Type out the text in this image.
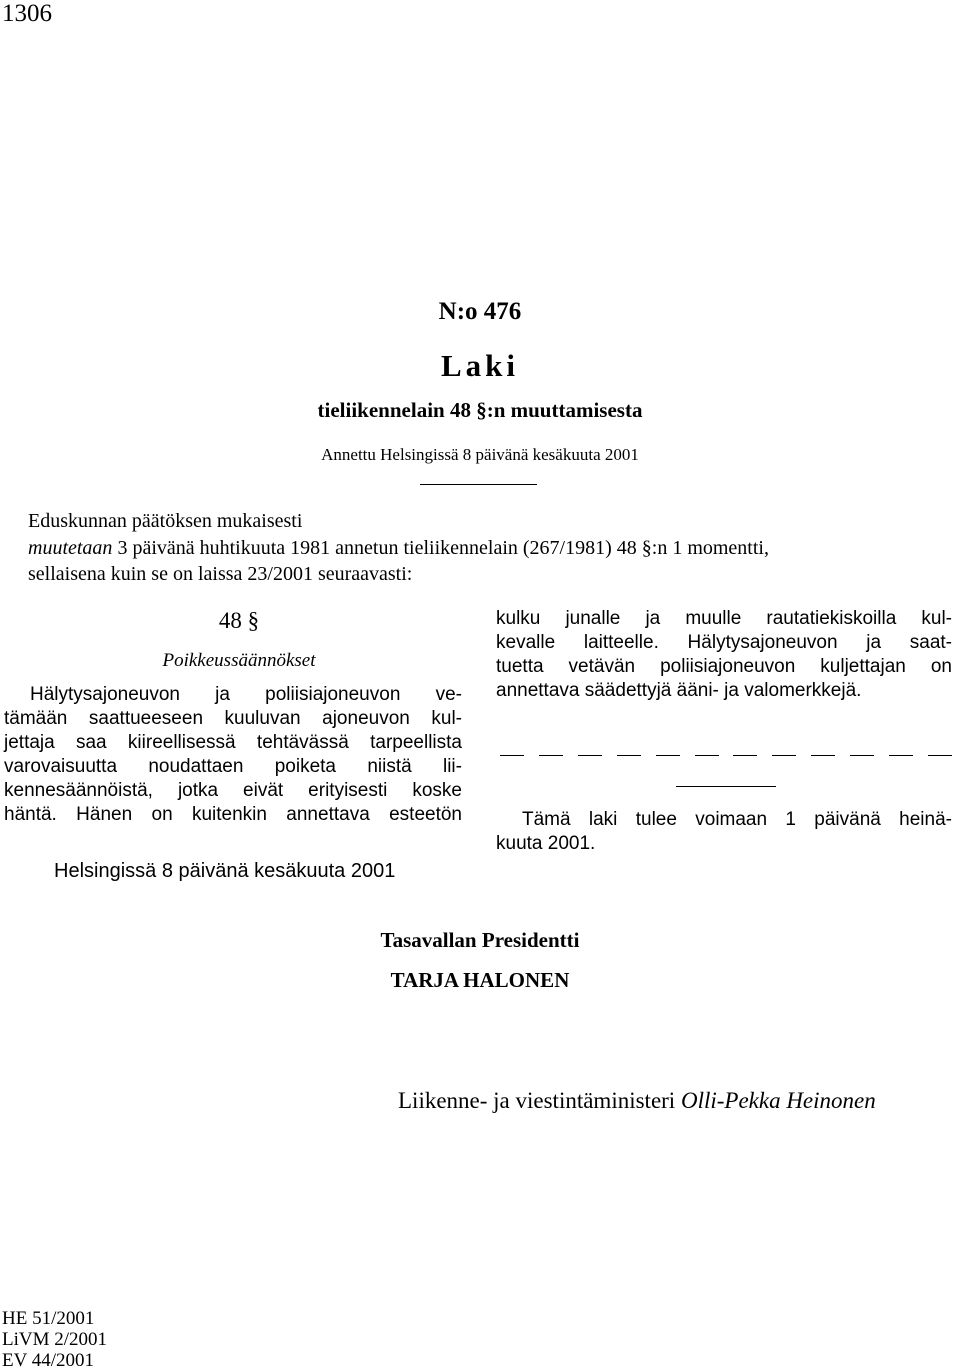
1306
N:o 476
Laki
tieliikennelain 48 §:n muuttamisesta
Annettu Helsingissä 8 päivänä kesäkuuta 2001
Eduskunnan päätöksen mukaisesti
muutetaan 3 päivänä huhtikuuta 1981 annetun tieliikennelain (267/1981) 48 §:n 1 momentti,
sellaisena kuin se on laissa 23/2001 seuraavasti:
48 §
Poikkeussäännökset
Hälytysajoneuvon ja poliisiajoneuvon ve-
tämään saattueeseen kuuluvan ajoneuvon kul-
jettaja saa kiireellisessä tehtävässä tarpeellista
varovaisuutta noudattaen poiketa niistä lii-
kennesäännöistä, jotka eivät erityisesti koske
häntä. Hänen on kuitenkin annettava esteetön
kulku junalle ja muulle rautatiekiskoilla kul-
kevalle laitteelle. Hälytysajoneuvon ja saat-
tuetta vetävän poliisiajoneuvon kuljettajan on
annettava säädettyjä ääni- ja valomerkkejä.
Tämä laki tulee voimaan 1 päivänä heinä-
kuuta 2001.
Helsingissä 8 päivänä kesäkuuta 2001
Tasavallan Presidentti
TARJA HALONEN
Liikenne- ja viestintäministeri Olli-Pekka Heinonen
HE 51/2001
LiVM 2/2001
EV 44/2001
